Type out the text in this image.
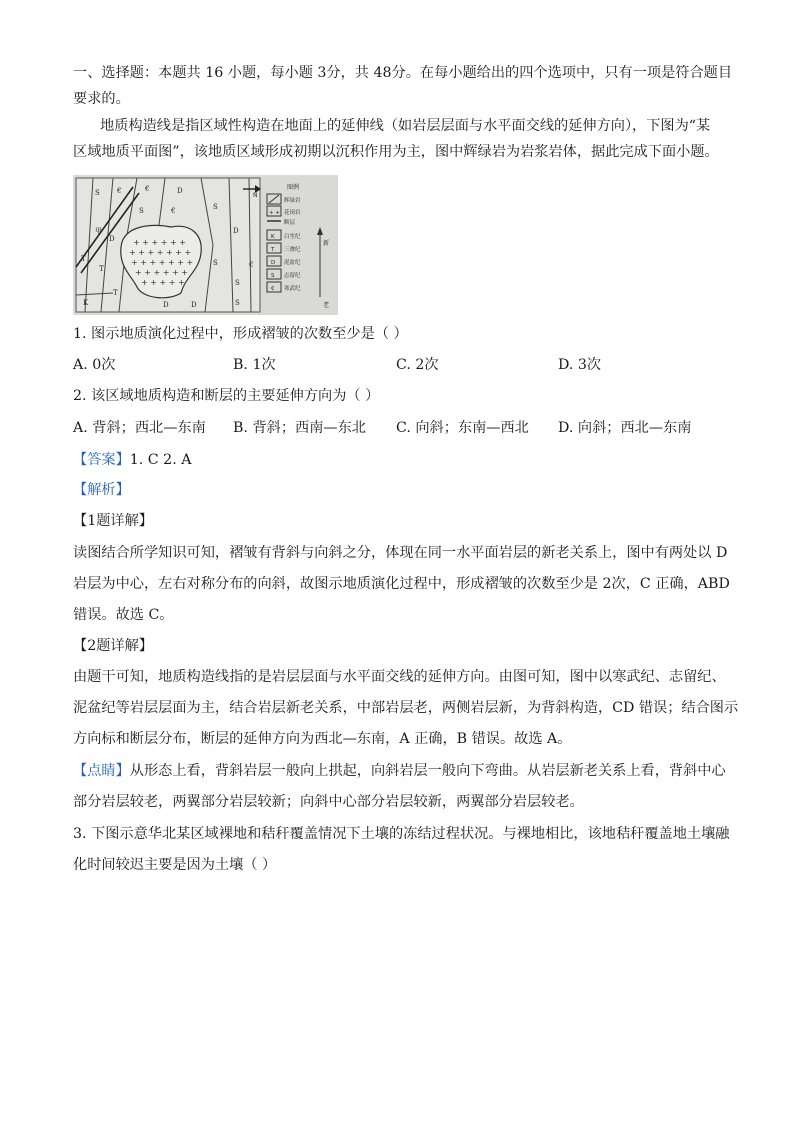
一、选择题：本题共 16 小题，每小题 3分，共 48分。在每小题给出的四个选项中，只有一项是符合题目
要求的。
地质构造线是指区域性构造在地面上的延伸线（如岩层层面与水平面交线的延伸方向），下图为“某
区域地质平面图”，该地质区域形成初期以沉积作用为主，图中辉绿岩为岩浆岩体，据此完成下面小题。
+ + + + + +
+ + + + + + +
+ + + + + + +
+ + + + + +
+ + + + +
S €	€	D
S	€	S
D
甲
T
D
T
T
K	D
S
S
S
€
D
N
图例
辉绿岩
+ + 花岗岩
断层
K 白垩纪
T 三叠纪
D 泥盆纪
S 志留纪
€ 寒武纪
新
老
1. 图示地质演化过程中，形成褶皱的次数至少是（ ）
A. 0次	B. 1次	C. 2次	D. 3次
2. 该区域地质构造和断层的主要延伸方向为（ ）
A. 背斜；西北—东南 B. 背斜；西南—东北 C. 向斜；东南—西北 D. 向斜；西北—东南
【答案】1. C 2. A
【解析】
【1题详解】
读图结合所学知识可知，褶皱有背斜与向斜之分，体现在同一水平面岩层的新老关系上，图中有两处以 D
岩层为中心，左右对称分布的向斜，故图示地质演化过程中，形成褶皱的次数至少是 2次，C 正确，ABD
错误。故选 C。
【2题详解】
由题干可知，地质构造线指的是岩层层面与水平面交线的延伸方向。由图可知，图中以寒武纪、志留纪、
泥盆纪等岩层层面为主，结合岩层新老关系，中部岩层老，两侧岩层新，为背斜构造，CD 错误；结合图示
方向标和断层分布，断层的延伸方向为西北—东南，A 正确，B 错误。故选 A。
【点睛】从形态上看，背斜岩层一般向上拱起，向斜岩层一般向下弯曲。从岩层新老关系上看，背斜中心
部分岩层较老，两翼部分岩层较新；向斜中心部分岩层较新，两翼部分岩层较老。
3. 下图示意华北某区域裸地和秸秆覆盖情况下土壤的冻结过程状况。与裸地相比，该地秸秆覆盖地土壤融
化时间较迟主要是因为土壤（ ）
